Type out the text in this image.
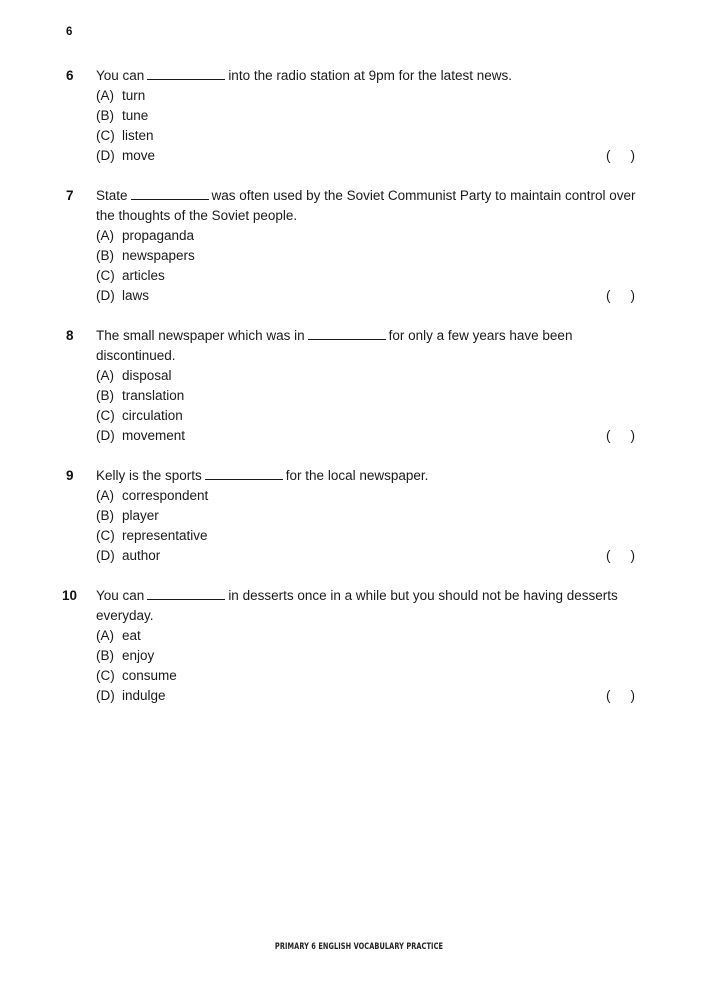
6
6	You can	into the radio station at 9pm for the latest news.
(A) turn
(B) tune
(C) listen
(D) move	(    )
7	State	was often used by the Soviet Communist Party to maintain control over the thoughts of the Soviet people.
(A) propaganda
(B) newspapers
(C) articles
(D) laws	(    )
8	The small newspaper which was in	for only a few years have been discontinued.
(A) disposal
(B) translation
(C) circulation
(D) movement	(    )
9	Kelly is the sports	for the local newspaper.
(A) correspondent
(B) player
(C) representative
(D) author	(    )
10	You can	in desserts once in a while but you should not be having desserts everyday.
(A) eat
(B) enjoy
(C) consume
(D) indulge	(    )
PRIMARY 6 ENGLISH VOCABULARY PRACTICE
